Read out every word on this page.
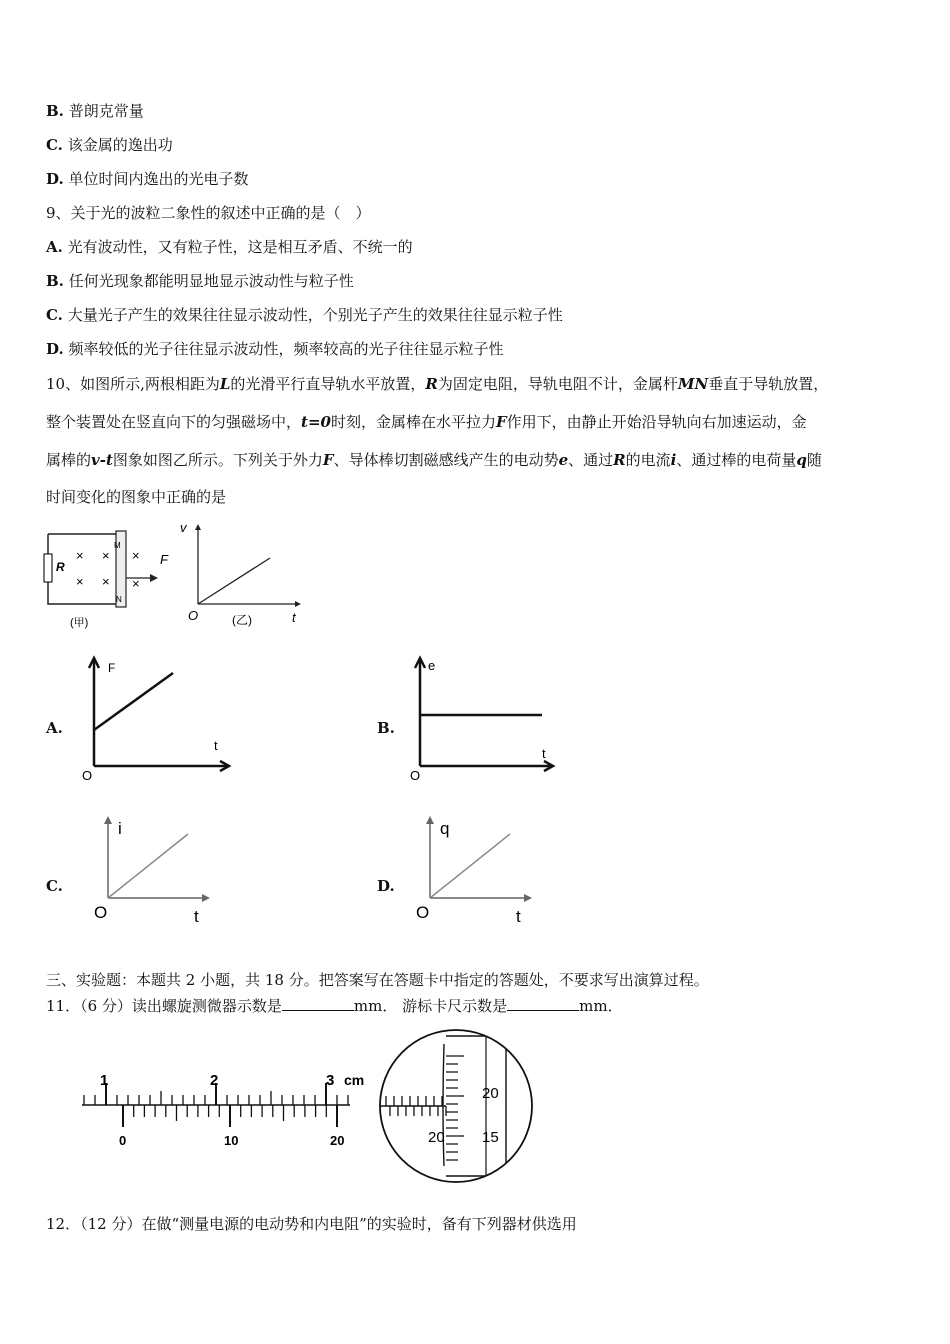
B. 普朗克常量
C. 该金属的逸出功
D. 单位时间内逸出的光电子数
9、关于光的波粒二象性的叙述中正确的是（　）
A. 光有波动性，又有粒子性，这是相互矛盾、不统一的
B. 任何光现象都能明显地显示波动性与粒子性
C. 大量光子产生的效果往往显示波动性，个别光子产生的效果往往显示粒子性
D. 频率较低的光子往往显示波动性，频率较高的光子往往显示粒子性
10、如图所示,两根相距为L的光滑平行直导轨水平放置，R为固定电阻，导轨电阻不计，金属杆MN垂直于导轨放置，
整个装置处在竖直向下的匀强磁场中，t=0时刻，金属棒在水平拉力F作用下，由静止开始沿导轨向右加速运动，金
属棒的v-t图象如图乙所示。下列关于外力F、导体棒切割磁感线产生的电动势e、通过R的电流i、通过棒的电荷量q随
时间变化的图象中正确的是
R
M
N
F
× × ×
× × ×
(甲)
v
O	t
(乙)
A.
F
t
O
B.
e
t
O
C.
i
t
O
D.
q
t
O
三、实验题：本题共 2 小题，共 18 分。把答案写在答题卡中指定的答题处，不要求写出演算过程。
11．（6 分）读出螺旋测微器示数是	mm． 游标卡尺示数是	mm．
1	2	3 cm
0	10	20
20
15
20
12．（12 分）在做“测量电源的电动势和内电阻”的实验时，备有下列器材供选用
